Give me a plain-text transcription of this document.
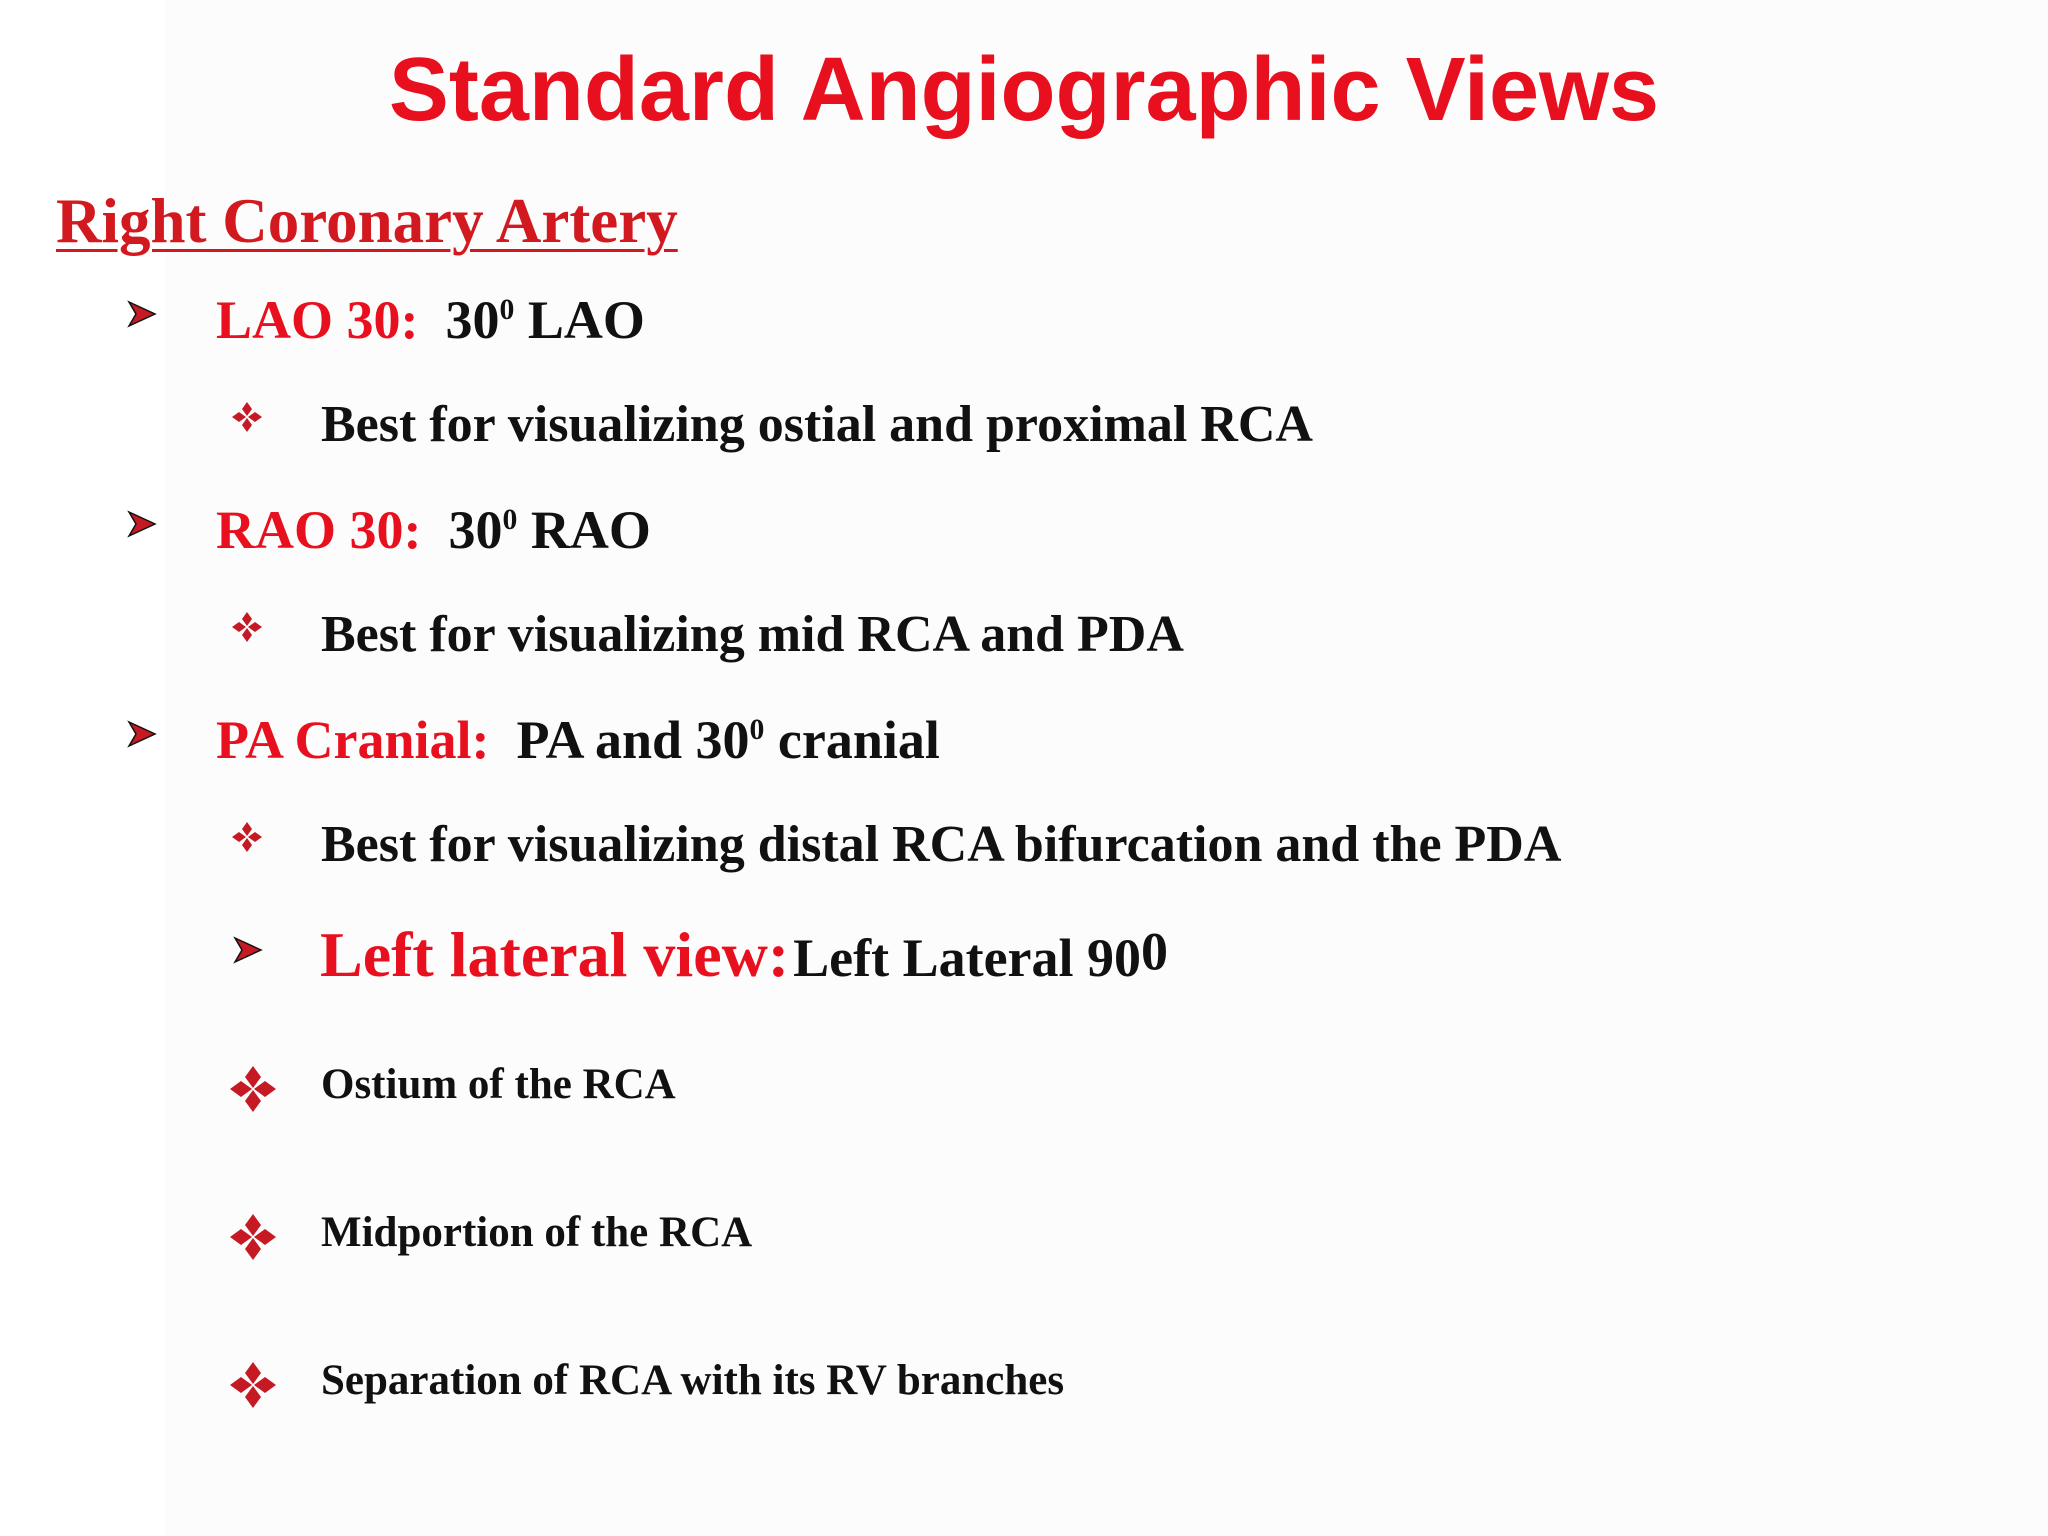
Standard Angiographic Views
Right Coronary Artery
LAO 30: $30^0$ LAO
Best for visualizing ostial and proximal RCA
RAO 30: $30^0$ RAO
Best for visualizing mid RCA and PDA
PA Cranial: PA and $30^0$ cranial
Best for visualizing distal RCA bifurcation and the PDA
Left lateral view: Left Lateral 900
Ostium of the RCA
Midportion of the RCA
Separation of RCA with its RV branches
